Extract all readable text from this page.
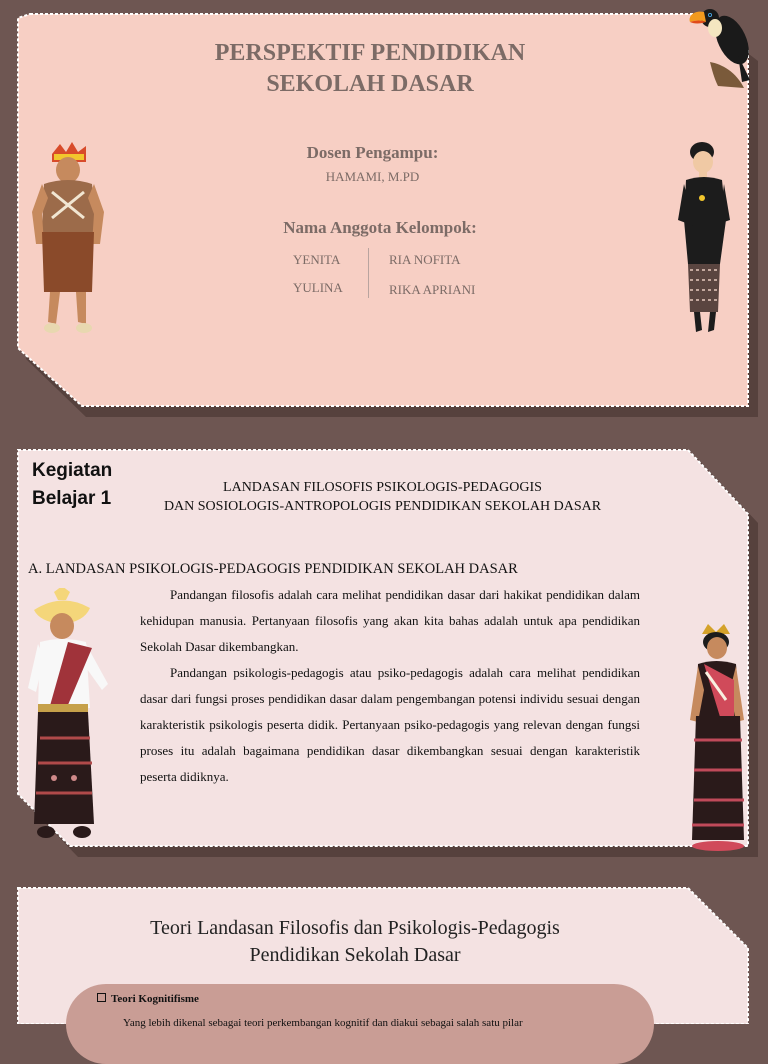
PERSPEKTIF PENDIDIKAN
SEKOLAH DASAR
Dosen Pengampu:
HAMAMI, M.PD
Nama Anggota Kelompok:
YENITA
YULINA
RIA NOFITA
RIKA APRIANI
Kegiatan
Belajar 1
LANDASAN FILOSOFIS PSIKOLOGIS-PEDAGOGIS
DAN SOSIOLOGIS-ANTROPOLOGIS PENDIDIKAN SEKOLAH DASAR
A. LANDASAN PSIKOLOGIS-PEDAGOGIS PENDIDIKAN SEKOLAH DASAR

Pandangan filosofis adalah cara melihat pendidikan dasar dari hakikat pendidikan dalam kehidupan manusia. Pertanyaan filosofis yang akan kita bahas adalah untuk apa pendidikan Sekolah Dasar dikembangkan.

Pandangan psikologis-pedagogis atau psiko-pedagogis adalah cara melihat pendidikan dasar dari fungsi proses pendidikan dasar dalam pengembangan potensi individu sesuai dengan karakteristik psikologis peserta didik. Pertanyaan psiko-pedagogis yang relevan dengan fungsi proses itu adalah bagaimana pendidikan dasar dikembangkan sesuai dengan karakteristik peserta didiknya.

Teori Landasan Filosofis dan Psikologis-Pedagogis
Pendidikan Sekolah Dasar
Teori Kognitifisme
Yang lebih dikenal sebagai teori perkembangan kognitif dan diakui sebagai salah satu pilar
